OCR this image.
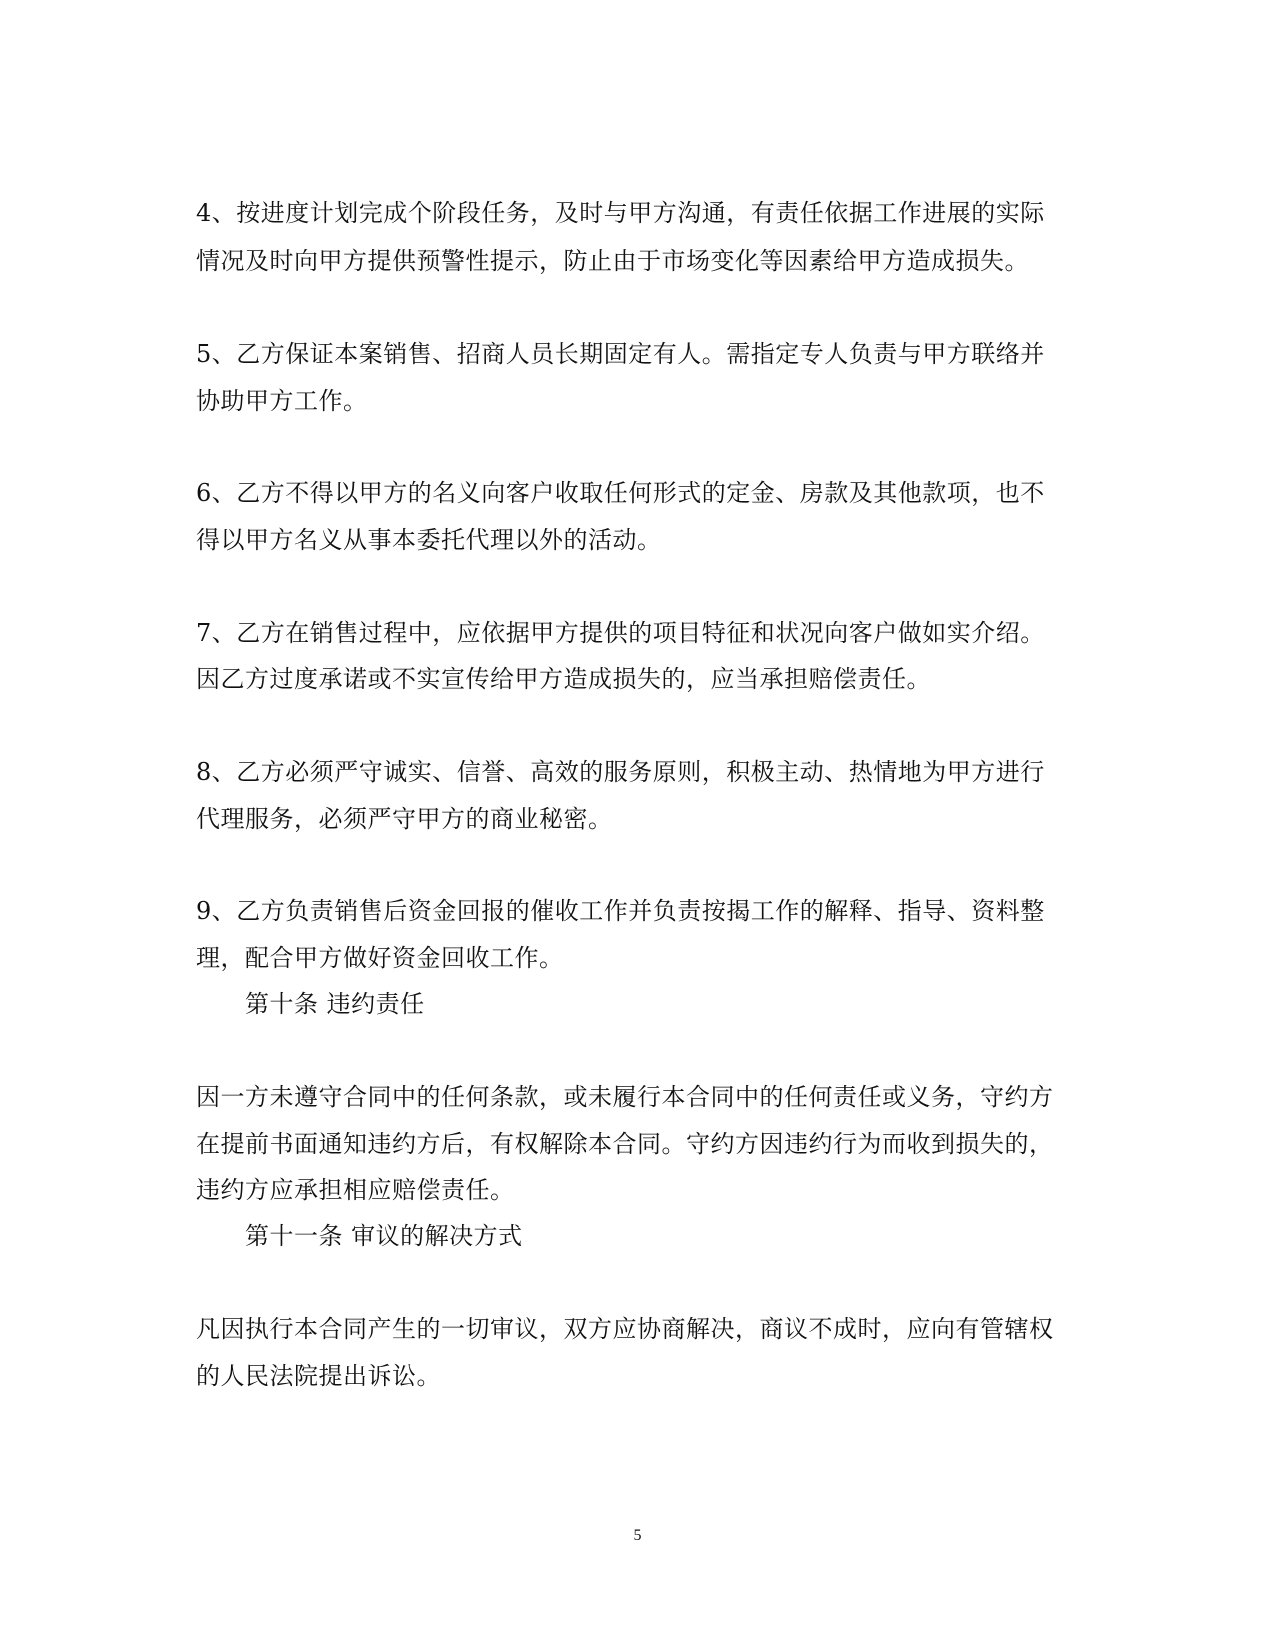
4、按进度计划完成个阶段任务，及时与甲方沟通，有责任依据工作进展的实际
情况及时向甲方提供预警性提示，防止由于市场变化等因素给甲方造成损失。
5、乙方保证本案销售、招商人员长期固定有人。需指定专人负责与甲方联络并
协助甲方工作。
6、乙方不得以甲方的名义向客户收取任何形式的定金、房款及其他款项，也不
得以甲方名义从事本委托代理以外的活动。
7、乙方在销售过程中，应依据甲方提供的项目特征和状况向客户做如实介绍。
因乙方过度承诺或不实宣传给甲方造成损失的，应当承担赔偿责任。
8、乙方必须严守诚实、信誉、高效的服务原则，积极主动、热情地为甲方进行
代理服务，必须严守甲方的商业秘密。
9、乙方负责销售后资金回报的催收工作并负责按揭工作的解释、指导、资料整
理，配合甲方做好资金回收工作。
第十条 违约责任
因一方未遵守合同中的任何条款，或未履行本合同中的任何责任或义务，守约方
在提前书面通知违约方后，有权解除本合同。守约方因违约行为而收到损失的，
违约方应承担相应赔偿责任。
第十一条 审议的解决方式
凡因执行本合同产生的一切审议，双方应协商解决，商议不成时，应向有管辖权
的人民法院提出诉讼。
5
